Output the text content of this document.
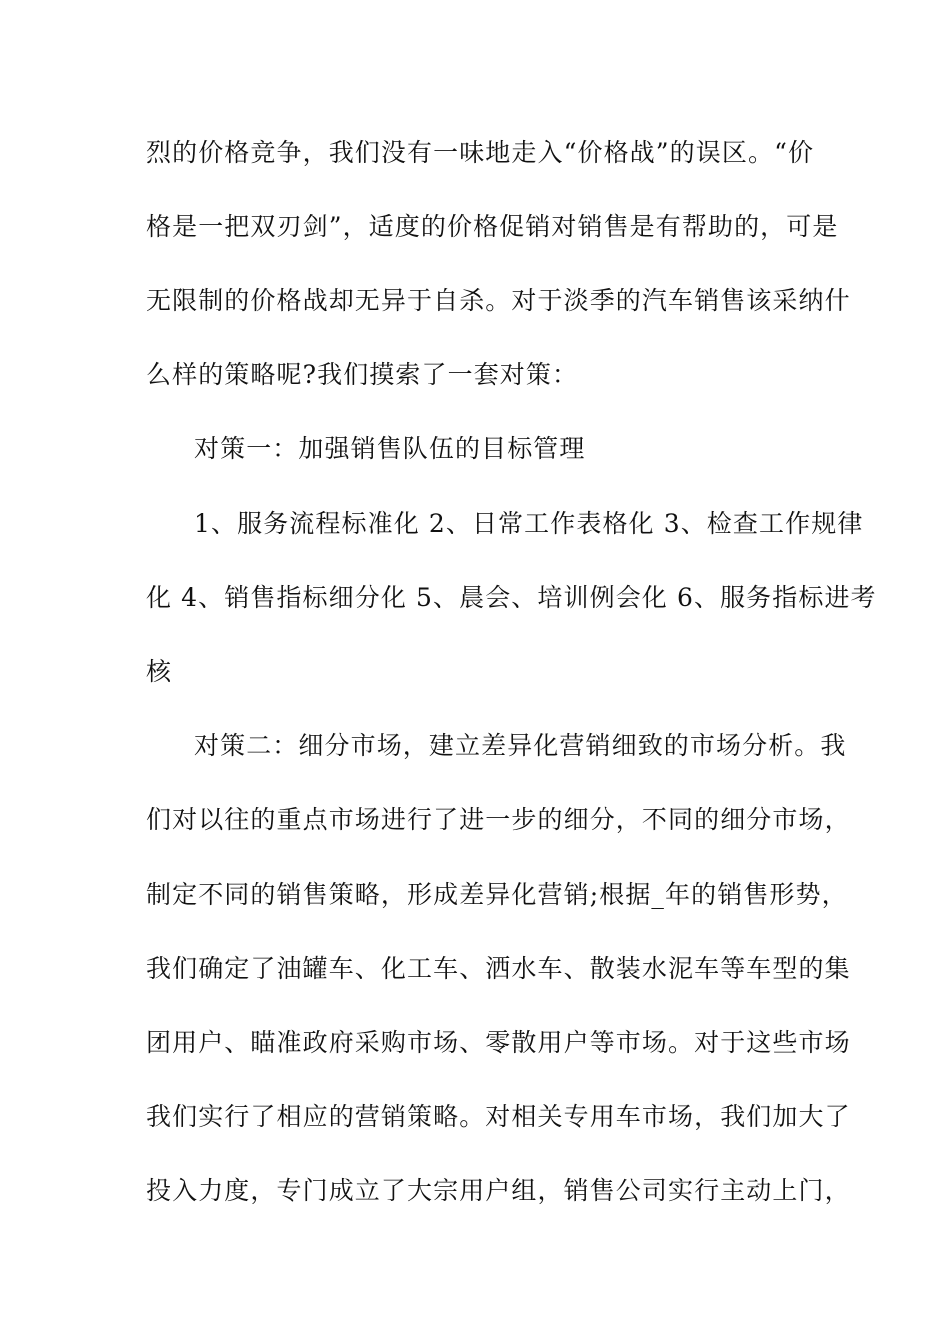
烈的价格竞争，我们没有一味地走入“价格战”的误区。“价
格是一把双刃剑”，适度的价格促销对销售是有帮助的，可是
无限制的价格战却无异于自杀。对于淡季的汽车销售该采纳什
么样的策略呢?我们摸索了一套对策：
对策一：加强销售队伍的目标管理
1、服务流程标准化 2、日常工作表格化 3、检查工作规律
化 4、销售指标细分化 5、晨会、培训例会化 6、服务指标进考
核
对策二：细分市场，建立差异化营销细致的市场分析。我
们对以往的重点市场进行了进一步的细分，不同的细分市场，
制定不同的销售策略，形成差异化营销;根据_年的销售形势，
我们确定了油罐车、化工车、洒水车、散装水泥车等车型的集
团用户、瞄准政府采购市场、零散用户等市场。对于这些市场
我们实行了相应的营销策略。对相关专用车市场，我们加大了
投入力度，专门成立了大宗用户组，销售公司实行主动上门，
